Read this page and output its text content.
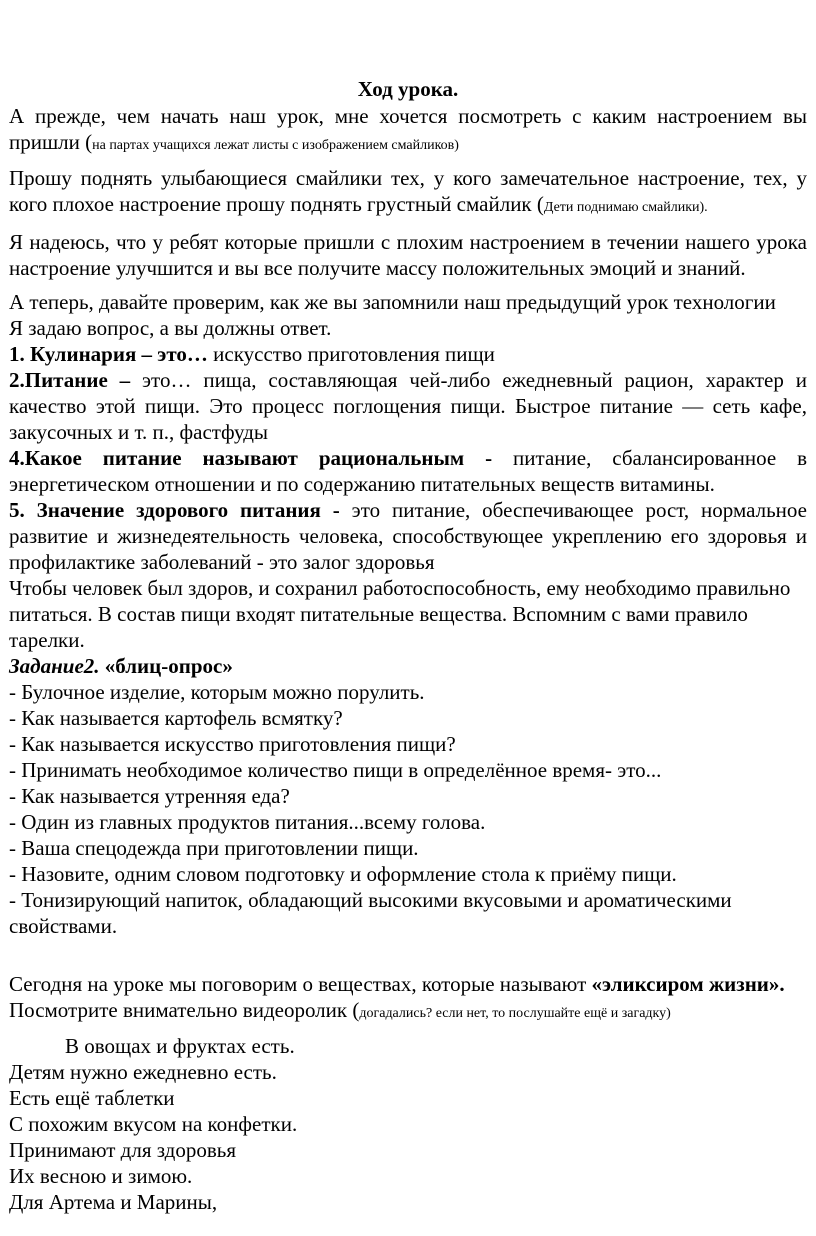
Ход урока.

А прежде, чем начать наш урок, мне хочется посмотреть с каким настроением вы пришли (на партах учащихся лежат листы с изображением смайликов)

Прошу поднять улыбающиеся смайлики тех, у кого замечательное настроение, тех, у кого плохое настроение прошу поднять грустный смайлик (Дети поднимаю смайлики).

Я надеюсь, что у ребят которые пришли с плохим настроением в течении нашего урока настроение улучшится и вы все получите массу положительных эмоций и знаний.

А теперь, давайте проверим, как же вы запомнили наш предыдущий урок технологии

Я задаю вопрос, а вы должны ответ.

1. Кулинария – это… искусство приготовления пищи

2.Питание – это… пища, составляющая чей-либо ежедневный рацион, характер и качество этой пищи. Это процесс поглощения пищи. Быстрое питание — сеть кафе, закусочных и т. п., фастфуды

4.Какое питание называют рациональным - питание, сбалансированное в энергетическом отношении и по содержанию питательных веществ витамины.

5. Значение здорового питания - это питание, обеспечивающее рост, нормальное развитие и жизнедеятельность человека, способствующее укреплению его здоровья и профилактике заболеваний - это залог здоровья

Чтобы человек был здоров, и сохранил работоспособность, ему необходимо правильно питаться. В состав пищи входят питательные вещества. Вспомним с вами правило тарелки.

Задание2. «блиц-опрос»

- Булочное изделие, которым можно порулить.

- Как называется картофель всмятку?

- Как называется искусство приготовления пищи?

- Принимать необходимое количество пищи в определённое время- это...

- Как называется утренняя еда?

- Один из главных продуктов питания...всему голова.

- Ваша спецодежда при приготовлении пищи.

- Назовите, одним словом подготовку и оформление стола к приёму пищи.

- Тонизирующий напиток, обладающий высокими вкусовыми и ароматическими свойствами.

Сегодня на уроке мы поговорим о веществах, которые называют «эликсиром жизни». Посмотрите внимательно видеоролик (догадались? если нет, то послушайте ещё и загадку)

В овощах и фруктах есть.

Детям нужно ежедневно есть.

Есть ещё таблетки

С похожим вкусом на конфетки.

Принимают для здоровья

Их весною и зимою.

Для Артема и Марины,
